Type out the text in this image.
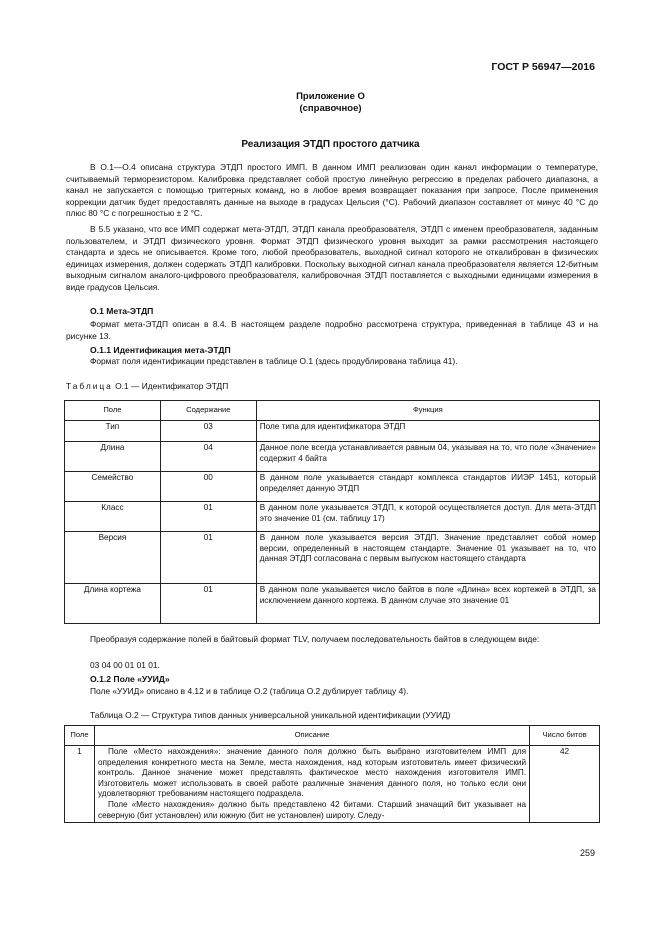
ГОСТ Р 56947—2016
Приложение О
(справочное)
Реализация ЭТДП простого датчика

В О.1—О.4 описана структура ЭТДП простого ИМП. В данном ИМП реализован один канал информации о температуре, считываемый терморезистором. Калибровка представляет собой простую линейную регрессию в пределах рабочего диапазона, а канал не запускается с помощью триггерных команд, но в любое время возвращает показания при запросе. После применения коррекции датчик будет предоставлять данные на выходе в градусах Цельсия (°С). Рабочий диапазон составляет от минус 40 °С до плюс 80 °С с погрешностью ± 2 °С.

В 5.5 указано, что все ИМП содержат мета-ЭТДП, ЭТДП канала преобразователя, ЭТДП с именем преобразователя, заданным пользователем, и ЭТДП физического уровня. Формат ЭТДП физического уровня выходит за рамки рассмотрения настоящего стандарта и здесь не описывается. Кроме того, любой преобразователь, выходной сигнал которого не откалиброван в физических единицах измерения, должен содержать ЭТДП калибровки. Поскольку выходной сигнал канала преобразователя является 12-битным выходным сигналом аналого-цифрового преобразователя, калибровочная ЭТДП поставляется с выходными единицами измерения в виде градусов Цельсия.

О.1 Мета-ЭТДП

Формат мета-ЭТДП описан в 8.4. В настоящем разделе подробно рассмотрена структура, приведенная в таблице 43 и на рисунке 13.

О.1.1 Идентификация мета-ЭТДП

Формат поля идентификации представлен в таблице О.1 (здесь продублирована таблица 41).

Таблица О.1 — Идентификатор ЭТДП

Поле	Содержание	Функция
Тип	03	Поле типа для идентификатора ЭТДП
Длина	04	Данное поле всегда устанавливается равным 04, указывая на то, что поле «Значение» содержит 4 байта
Семейство	00	В данном поле указывается стандарт комплекса стандартов ИИЭР 1451, который определяет данную ЭТДП
Класс	01	В данном поле указывается ЭТДП, к которой осуществляется доступ. Для мета-ЭТДП это значение 01 (см. таблицу 17)
Версия	01	В данном поле указывается версия ЭТДП. Значение представляет собой номер версии, определенный в настоящем стандарте. Значение 01 указывает на то, что данная ЭТДП согласована с первым выпуском настоящего стандарта
Длина кортежа	01	В данном поле указывается число байтов в поле «Длина» всех кортежей в ЭТДП, за исключением данного кортежа. В данном случае это значение 01

Преобразуя содержание полей в байтовый формат TLV, получаем последовательность байтов в следующем виде:

03 04 00 01 01 01.

О.1.2 Поле «УУИД»

Поле «УУИД» описано в 4.12 и в таблице О.2 (таблица О.2 дублирует таблицу 4).

Таблица О.2 — Структура типов данных универсальной уникальной идентификации (УУИД)

Поле	Описание	Число битов
1	Поле «Место нахождения»: значение данного поля должно быть выбрано изготовителем ИМП для определения конкретного места на Земле, места нахождения, над которым изготовитель имеет физический контроль. Данное значение может представлять фактическое место нахождения изготовителя ИМП. Изготовитель может использовать в своей работе различные значения данного поля, но только если они удовлетворяют требованиям настоящего подраздела.
Поле «Место нахождения» должно быть представлено 42 битами. Старший значащий бит указывает на северную (бит установлен) или южную (бит не установлен) широту. Следу-	42
259
